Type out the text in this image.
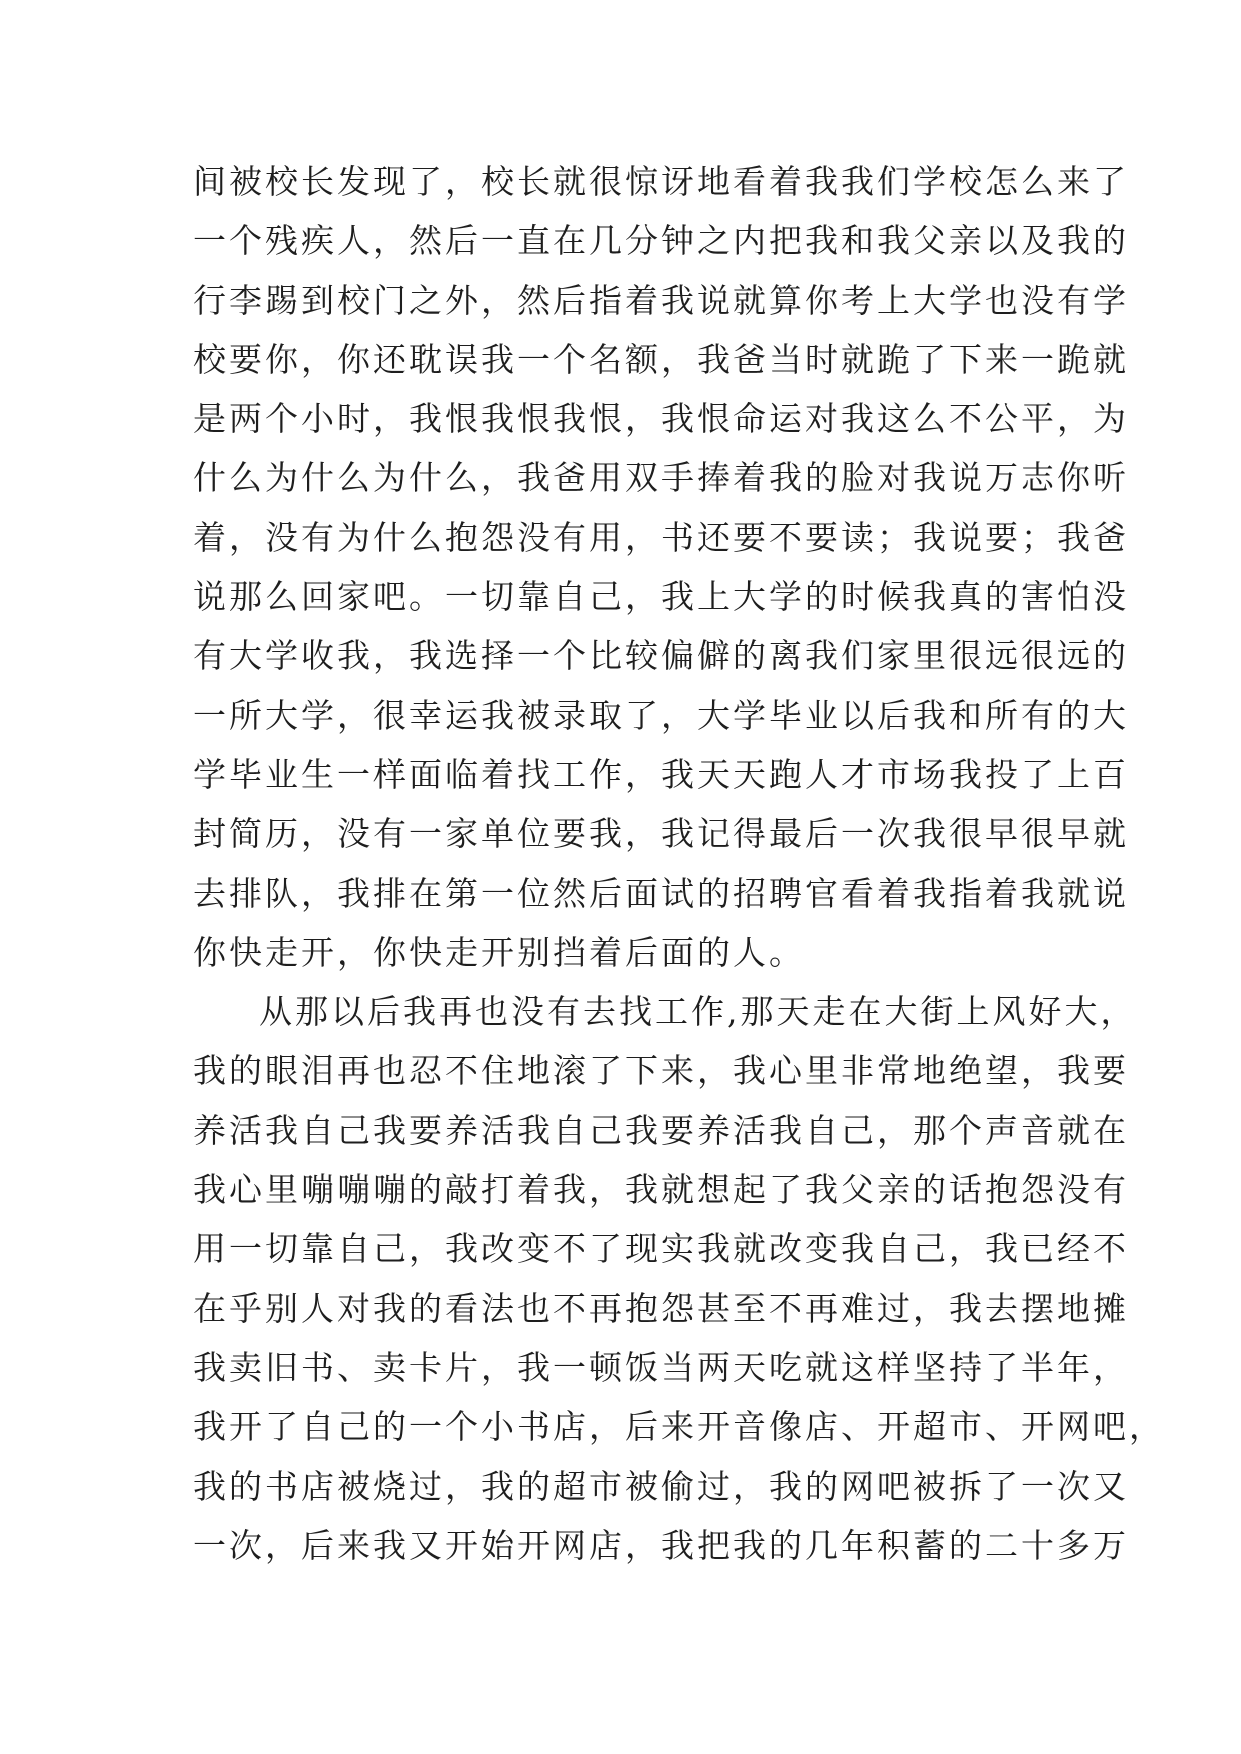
间被校长发现了，校长就很惊讶地看着我我们学校怎么来了
一个残疾人，然后一直在几分钟之内把我和我父亲以及我的
行李踢到校门之外，然后指着我说就算你考上大学也没有学
校要你，你还耽误我一个名额，我爸当时就跪了下来一跪就
是两个小时，我恨我恨我恨，我恨命运对我这么不公平，为
什么为什么为什么，我爸用双手捧着我的脸对我说万志你听
着，没有为什么抱怨没有用，书还要不要读；我说要；我爸
说那么回家吧。一切靠自己，我上大学的时候我真的害怕没
有大学收我，我选择一个比较偏僻的离我们家里很远很远的
一所大学，很幸运我被录取了，大学毕业以后我和所有的大
学毕业生一样面临着找工作，我天天跑人才市场我投了上百
封简历，没有一家单位要我，我记得最后一次我很早很早就
去排队，我排在第一位然后面试的招聘官看着我指着我就说
你快走开，你快走开别挡着后面的人。
从那以后我再也没有去找工作,那天走在大街上风好大，
我的眼泪再也忍不住地滚了下来，我心里非常地绝望，我要
养活我自己我要养活我自己我要养活我自己，那个声音就在
我心里嘣嘣嘣的敲打着我，我就想起了我父亲的话抱怨没有
用一切靠自己，我改变不了现实我就改变我自己，我已经不
在乎别人对我的看法也不再抱怨甚至不再难过，我去摆地摊
我卖旧书、卖卡片，我一顿饭当两天吃就这样坚持了半年，
我开了自己的一个小书店，后来开音像店、开超市、开网吧，
我的书店被烧过，我的超市被偷过，我的网吧被拆了一次又
一次，后来我又开始开网店，我把我的几年积蓄的二十多万
